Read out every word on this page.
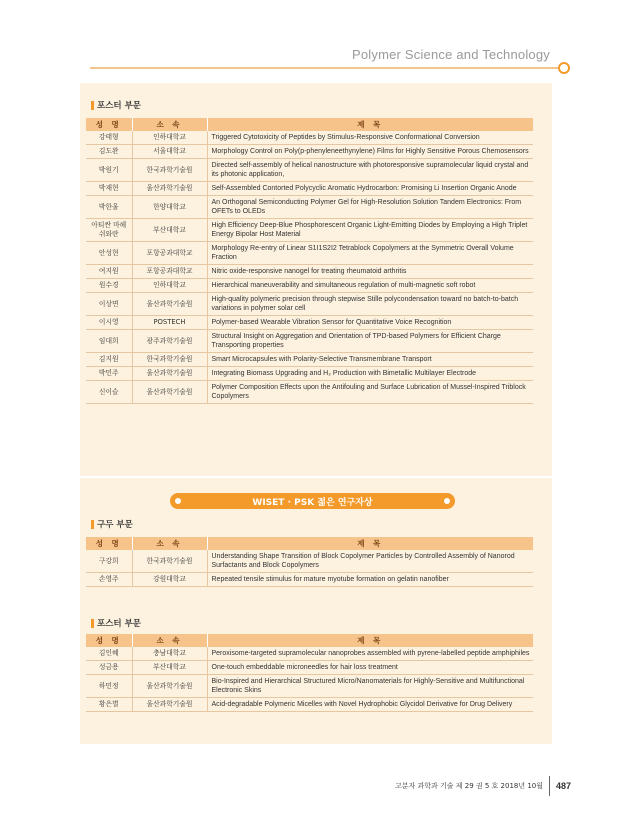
Polymer Science and Technology
포스터 부문
성 명	소 속	제 목
강태형	인하대학교	Triggered Cytotoxicity of Peptides by Stimulus-Responsive Conformational Conversion
김도완	서울대학교	Morphology Control on Poly(p-phenyleneethynylene) Films for Highly Sensitive Porous Chemosensors
박원기	한국과학기술원	Directed self-assembly of helical nanostructure with photoresponsive supramolecular liquid crystal and its photonic application,
박재현	울산과학기술원	Self-Assembled Contorted Polycyclic Aromatic Hydrocarbon: Promising Li Insertion Organic Anode
박한울	한양대학교	An Orthogonal Semiconducting Polymer Gel for High-Resolution Solution Tandem Electronics: From OFETs to OLEDs
아티싼 마헤쉬와란	부산대학교	High Efficiency Deep-Blue Phosphorescent Organic Light-Emitting Diodes by Employing a High Triplet Energy Bipolar Host Material
안성현	포항공과대학교	Morphology Re-entry of Linear S1I1S2I2 Tetrablock Copolymers at the Symmetric Overall Volume Fraction
여지원	포항공과대학교	Nitric oxide-responsive nanogel for treating rheumatoid arthritis
원수경	인하대학교	Hierarchical maneuverability and simultaneous regulation of multi-magnetic soft robot
이상면	울산과학기술원	High-quality polymeric precision through stepwise Stille polycondensation toward no batch-to-batch variations in polymer solar cell
이시영	POSTECH	Polymer-based Wearable Vibration Sensor for Quantitative Voice Recognition
임대희	광주과학기술원	Structural Insight on Aggregation and Orientation of TPD-based Polymers for Efficient Charge Transporting properties
김지원	한국과학기술원	Smart Microcapsules with Polarity-Selective Transmembrane Transport
박민주	울산과학기술원	Integrating Biomass Upgrading and H₂ Production with Bimetallic Multilayer Electrode
신이슬	울산과학기술원	Polymer Composition Effects upon the Antifouling and Surface Lubrication of Mussel-Inspired Triblock Copolymers
WISET · PSK 젊은 연구자상
구두 부문
성 명	소 속	제 목
구강희	한국과학기술원	Understanding Shape Transition of Block Copolymer Particles by Controlled Assembly of Nanorod Surfactants and Block Copolymers
손영주	강원대학교	Repeated tensile stimulus for mature myotube formation on gelatin nanofiber
포스터 부문
성 명	소 속	제 목
김인혜	충남대학교	Peroxisome-targeted supramolecular nanoprobes assembled with pyrene-labelled peptide amphiphiles
성금용	부산대학교	One-touch embeddable microneedles for hair loss treatment
하민정	울산과학기술원	Bio-Inspired and Hierarchical Structured Micro/Nanomaterials for Highly-Sensitive and Multifunctional Electronic Skins
황은별	울산과학기술원	Acid-degradable Polymeric Micelles with Novel Hydrophobic Glycidol Derivative for Drug Delivery
고분자 과학과 기술 제 29 권 5 호 2018년 10월 487
